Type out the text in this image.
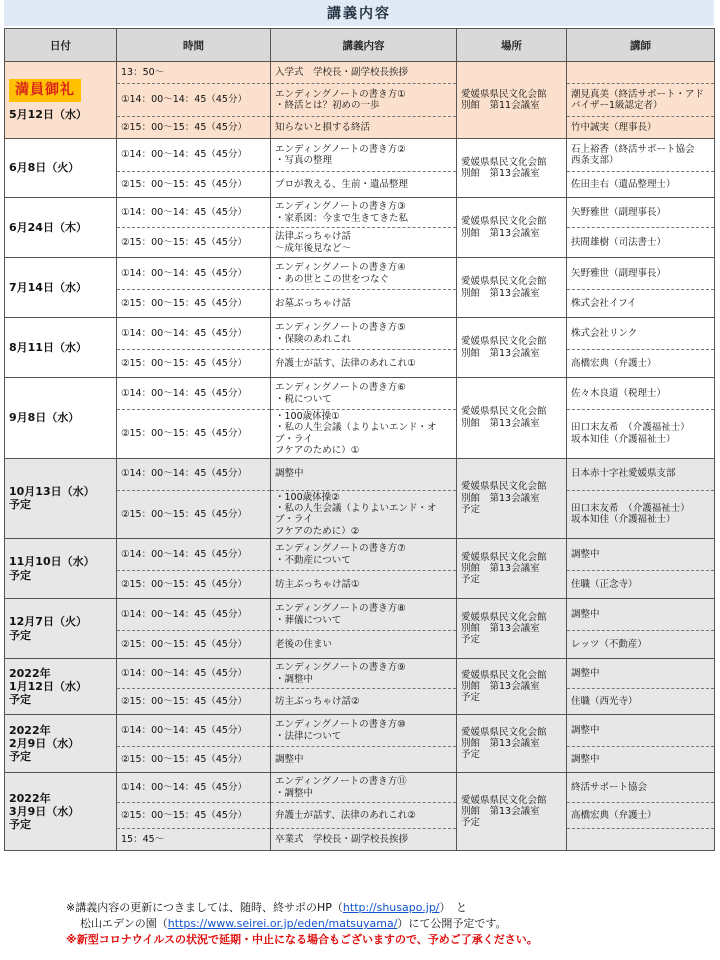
講義内容
日付	時間	講義内容	場所	講師
満員御礼
5月12日（水）	13：50～	入学式　学校長・副学校長挨拶	愛媛県県民文化会館
別館　第11会議室	

	①14：00～14：45（45分）	エンディングノートの書き方①
・終活とは？初めの一歩		潮見真美（終活サポート・アド
バイザー1級認定者）

	②15：00～15：45（45分）	知らないと損する終活		竹中誠実（理事長）

6月8日（火）	①14：00～14：45（45分）	エンディングノートの書き方②
・写真の整理	愛媛県県民文化会館
別館　第13会議室	石上裕香（終活サポート協会
西条支部）

	②15：00～15：45（45分）	プロが教える、生前・遺品整理		佐田圭右（遺品整理士）

6月24日（木）	①14：00～14：45（45分）	エンディングノートの書き方③
・家系図：今まで生きてきた私	愛媛県県民文化会館
別館　第13会議室	矢野雅世（副理事長）

	②15：00～15：45（45分）	法律ぶっちゃけ話
～成年後見など～		扶間雄樹（司法書士）

7月14日（水）	①14：00～14：45（45分）	エンディングノートの書き方④
・あの世とこの世をつなぐ	愛媛県県民文化会館
別館　第13会議室	矢野雅世（副理事長）

	②15：00～15：45（45分）	お墓ぶっちゃけ話		株式会社イフイ

8月11日（水）	①14：00～14：45（45分）	エンディングノートの書き方⑤
・保険のあれこれ	愛媛県県民文化会館
別館　第13会議室	株式会社リンク

	②15：00～15：45（45分）	弁護士が話す、法律のあれこれ①		高橋宏典（弁護士）

9月8日（水）	①14：00～14：45（45分）	エンディングノートの書き方⑥
・税について	愛媛県県民文化会館
別館　第13会議室	佐々木良道（税理士）

	②15：00～15：45（45分）	・100歳体操①
・私の人生会議（よりよいエンド・オブ・ライ
フケアのために）①		田口末友希　（介護福祉士）
坂本知佳（介護福祉士）

10月13日（水）
予定	①14：00～14：45（45分）	調整中	愛媛県県民文化会館
別館　第13会議室
予定	日本赤十字社愛媛県支部

	②15：00～15：45（45分）	・100歳体操②
・私の人生会議（よりよいエンド・オブ・ライ
フケアのために）②		田口末友希　（介護福祉士）
坂本知佳（介護福祉士）

11月10日（水）
予定	①14：00～14：45（45分）	エンディングノートの書き方⑦
・不動産について	愛媛県県民文化会館
別館　第13会議室
予定	調整中

	②15：00～15：45（45分）	坊主ぶっちゃけ話①		住職（正念寺）

12月7日（火）
予定	①14：00～14：45（45分）	エンディングノートの書き方⑧
・葬儀について	愛媛県県民文化会館
別館　第13会議室
予定	調整中

	②15：00～15：45（45分）	老後の住まい		レッツ（不動産）

2022年
1月12日（水）
予定	①14：00～14：45（45分）	エンディングノートの書き方⑨
・調整中	愛媛県県民文化会館
別館　第13会議室
予定	調整中

	②15：00～15：45（45分）	坊主ぶっちゃけ話②		住職（西光寺）

2022年
2月9日（水）
予定	①14：00～14：45（45分）	エンディングノートの書き方⑩
・法律について	愛媛県県民文化会館
別館　第13会議室
予定	調整中

	②15：00～15：45（45分）	調整中		調整中

2022年
3月9日（水）
予定	①14：00～14：45（45分）	エンディングノートの書き方⑪
・調整中	愛媛県県民文化会館
別館　第13会議室
予定	終活サポート協会

	②15：00～15：45（45分）	弁護士が話す、法律のあれこれ②		高橋宏典（弁護士）

	15：45～	卒業式　学校長・副学校長挨拶		

※講義内容の更新につきましては、随時、終サポのHP（http://shusapo.jp/）　と
松山エデンの園（https://www.seirei.or.jp/eden/matsuyama/）にて公開予定です。
※新型コロナウイルスの状況で延期・中止になる場合もございますので、予めご了承ください。
